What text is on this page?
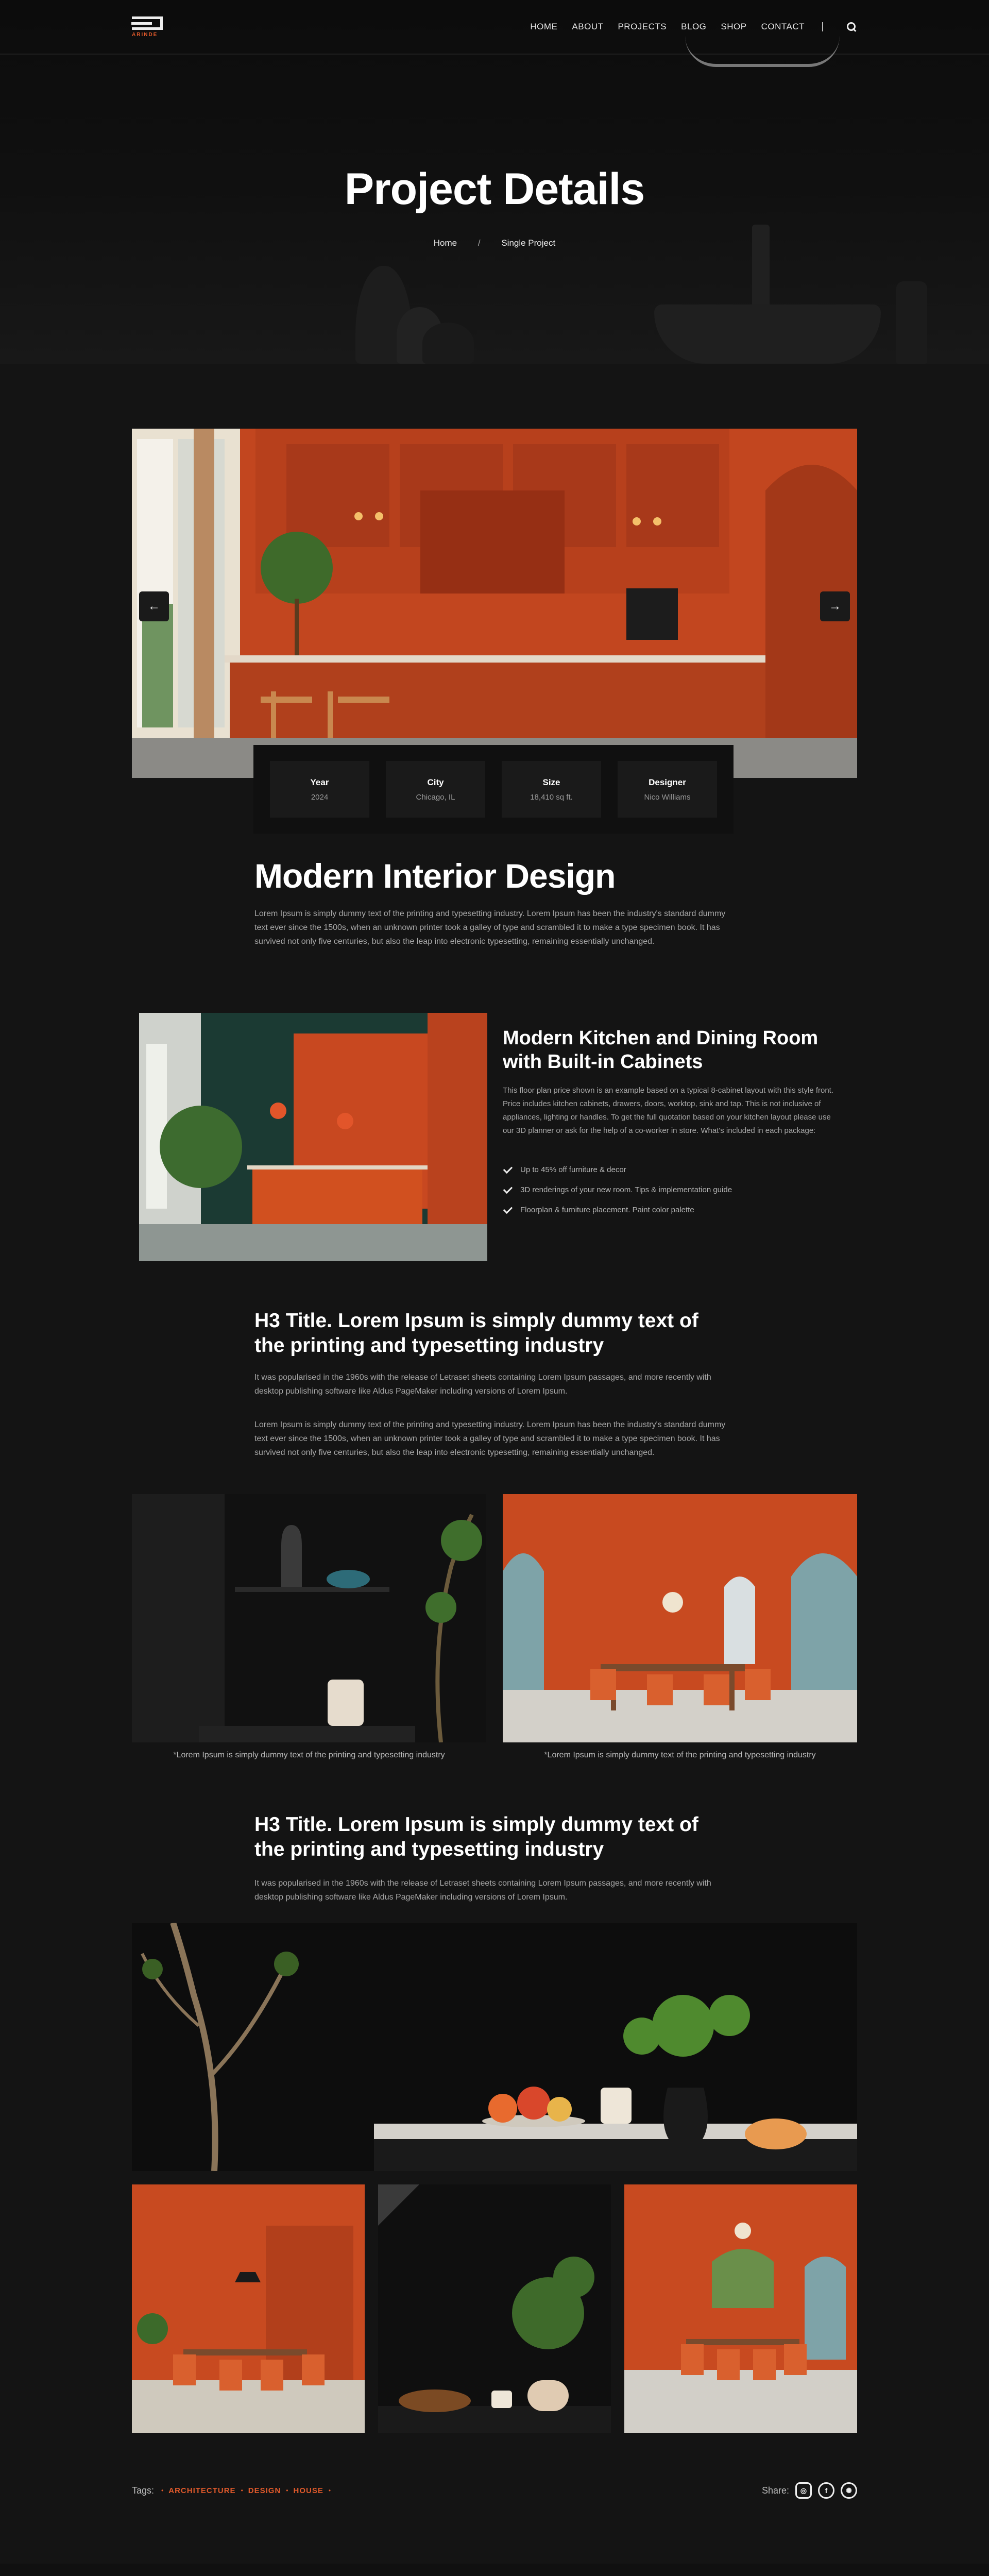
Project Details
Home / Single Project
ARINDE
HOME ABOUT PROJECTS BLOG SHOP CONTACT
←	→
Year
2024
City
Chicago, IL
Size
18,410 sq ft.
Designer
Nico Williams
Modern Interior Design

Lorem Ipsum is simply dummy text of the printing and typesetting industry. Lorem Ipsum has been the industry's standard dummy text ever since the 1500s, when an unknown printer took a galley of type and scrambled it to make a type specimen book. It has survived not only five centuries, but also the leap into electronic typesetting, remaining essentially unchanged.

Modern Kitchen and Dining Room with Built-in Cabinets

This floor plan price shown is an example based on a typical 8-cabinet layout with this style front. Price includes kitchen cabinets, drawers, doors, worktop, sink and tap. This is not inclusive of appliances, lighting or handles. To get the full quotation based on your kitchen layout please use our 3D planner or ask for the help of a co-worker in store. What's included in each package:

Up to 45% off furniture & decor
3D renderings of your new room. Tips & implementation guide
Floorplan & furniture placement. Paint color palette
H3 Title. Lorem Ipsum is simply dummy text of the printing and typesetting industry

It was popularised in the 1960s with the release of Letraset sheets containing Lorem Ipsum passages, and more recently with desktop publishing software like Aldus PageMaker including versions of Lorem Ipsum.

Lorem Ipsum is simply dummy text of the printing and typesetting industry. Lorem Ipsum has been the industry's standard dummy text ever since the 1500s, when an unknown printer took a galley of type and scrambled it to make a type specimen book. It has survived not only five centuries, but also the leap into electronic typesetting, remaining essentially unchanged.

*Lorem Ipsum is simply dummy text of the printing and typesetting industry	*Lorem Ipsum is simply dummy text of the printing and typesetting industry
H3 Title. Lorem Ipsum is simply dummy text of the printing and typesetting industry

It was popularised in the 1960s with the release of Letraset sheets containing Lorem Ipsum passages, and more recently with desktop publishing software like Aldus PageMaker including versions of Lorem Ipsum.

Tags: • ARCHITECTURE • DESIGN • HOUSE •	Share:	◎	f	✺
